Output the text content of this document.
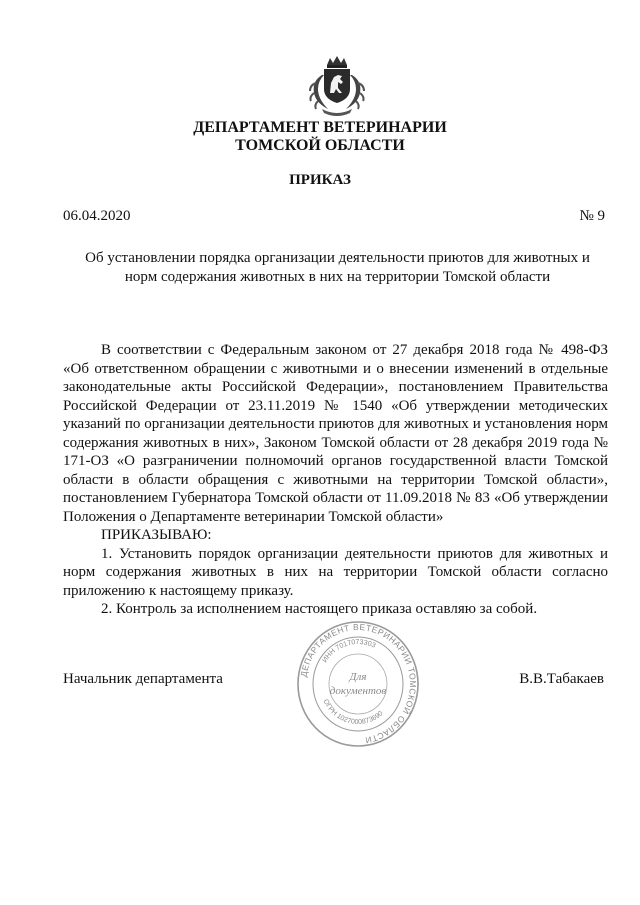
ДЕПАРТАМЕНТ ВЕТЕРИНАРИИ
ТОМСКОЙ ОБЛАСТИ
ПРИКАЗ
06.04.2020	№ 9
Об установлении порядка организации деятельности приютов для животных и
норм содержания животных в них на территории Томской области

В соответствии с Федеральным законом от 27 декабря 2018 года № 498-ФЗ «Об ответственном обращении с животными и о внесении изменений в отдельные законодательные акты Российской Федерации», постановлением Правительства Российской Федерации от 23.11.2019 № 1540 «Об утверждении методических указаний по организации деятельности приютов для животных и установления норм содержания животных в них», Законом Томской области от 28 декабря 2019 года № 171-ОЗ «О разграничении полномочий органов государственной власти Томской области в области обращения с животными на территории Томской области», постановлением Губернатора Томской области от 11.09.2018 № 83 «Об утверждении Положения о Департаменте ветеринарии Томской области»

ПРИКАЗЫВАЮ:

1. Установить порядок организации деятельности приютов для животных и норм содержания животных в них на территории Томской области согласно приложению к настоящему приказу.

2. Контроль за исполнением настоящего приказа оставляю за собой.

Начальник департамента	ДЕПАРТАМЕНТ ВЕТЕРИНАРИИ ТОМСКОЙ ОБЛАСТИ
ИНН 7017073303
ОГРН 1027000873690
Для
документов
В.В.Табакаев
